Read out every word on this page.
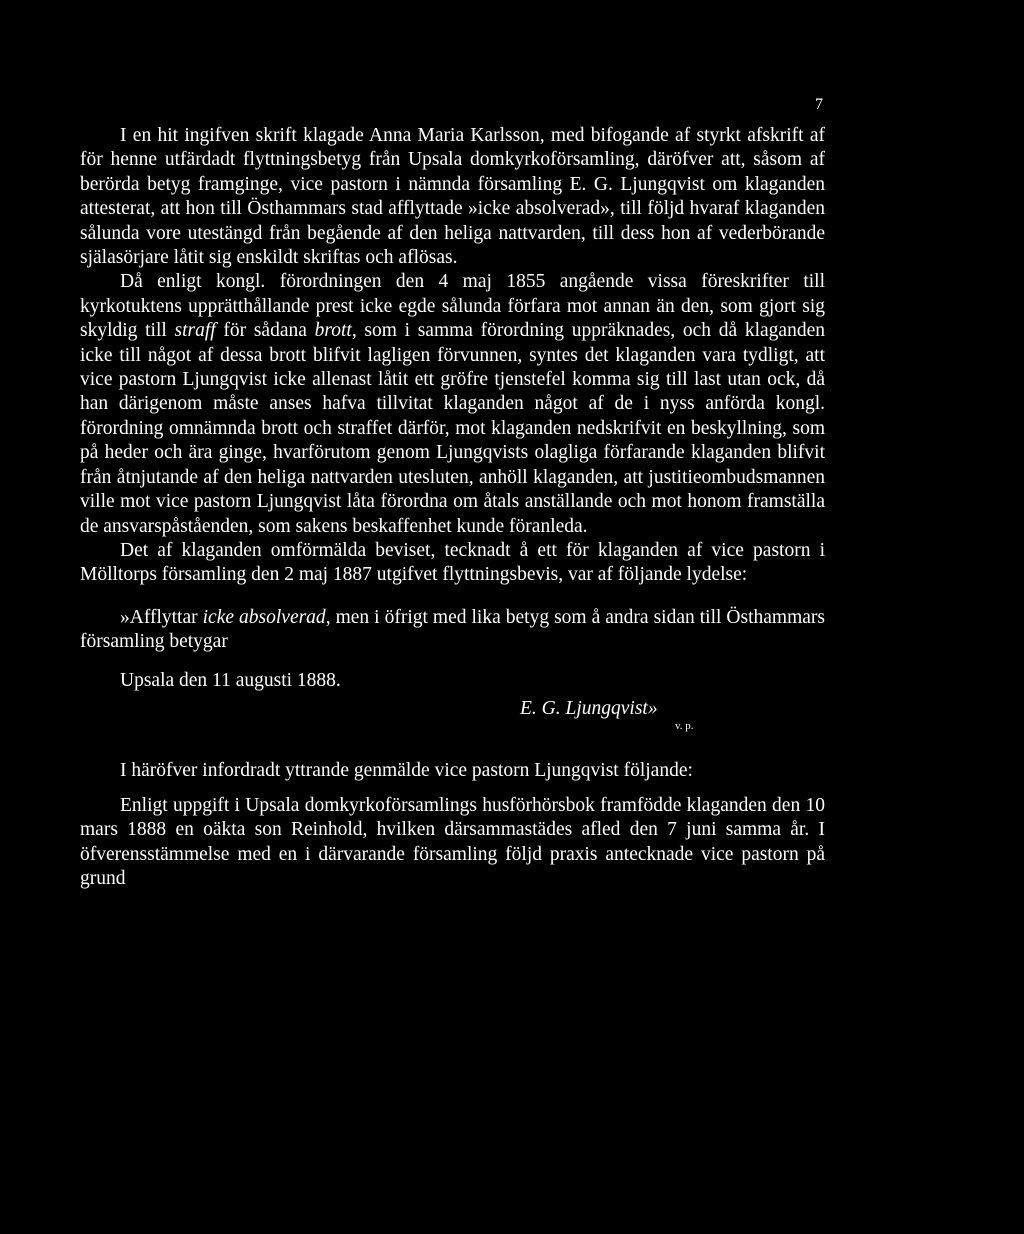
7

I en hit ingifven skrift klagade Anna Maria Karlsson, med bifogande af styrkt afskrift af för henne utfärdadt flyttningsbetyg från Upsala domkyrkoförsamling, däröfver att, såsom af berörda betyg framginge, vice pastorn i nämnda församling E. G. Ljungqvist om klaganden attesterat, att hon till Östhammars stad afflyttade »icke absolverad», till följd hvaraf klaganden sålunda vore utestängd från begående af den heliga nattvarden, till dess hon af vederbörande själasörjare låtit sig enskildt skriftas och aflösas.

Då enligt kongl. förordningen den 4 maj 1855 angående vissa föreskrifter till kyrkotuktens upprätthållande prest icke egde sålunda förfara mot annan än den, som gjort sig skyldig till straff för sådana brott, som i samma förordning uppräknades, och då klaganden icke till något af dessa brott blifvit lagligen förvunnen, syntes det klaganden vara tydligt, att vice pastorn Ljungqvist icke allenast låtit ett gröfre tjenstefel komma sig till last utan ock, då han därigenom måste anses hafva tillvitat klaganden något af de i nyss anförda kongl. förordning omnämnda brott och straffet därför, mot klaganden nedskrifvit en beskyllning, som på heder och ära ginge, hvarförutom genom Ljungqvists olagliga förfarande klaganden blifvit från åtnjutande af den heliga nattvarden utesluten, anhöll klaganden, att justitieombudsmannen ville mot vice pastorn Ljungqvist låta förordna om åtals anställande och mot honom framställa de ansvarspåståenden, som sakens beskaffenhet kunde föranleda.

Det af klaganden omförmälda beviset, tecknadt å ett för klaganden af vice pastorn i Mölltorps församling den 2 maj 1887 utgifvet flyttningsbevis, var af följande lydelse:

»Afflyttar icke absolverad, men i öfrigt med lika betyg som å andra sidan till Östhammars församling betygar

Upsala den 11 augusti 1888.

E. G. Ljungqvist»

v. p.

I häröfver infordradt yttrande genmälde vice pastorn Ljungqvist följande:

Enligt uppgift i Upsala domkyrkoförsamlings husförhörsbok framfödde klaganden den 10 mars 1888 en oäkta son Reinhold, hvilken därsammastädes afled den 7 juni samma år. I öfverensstämmelse med en i därvarande församling följd praxis antecknade vice pastorn på grund
